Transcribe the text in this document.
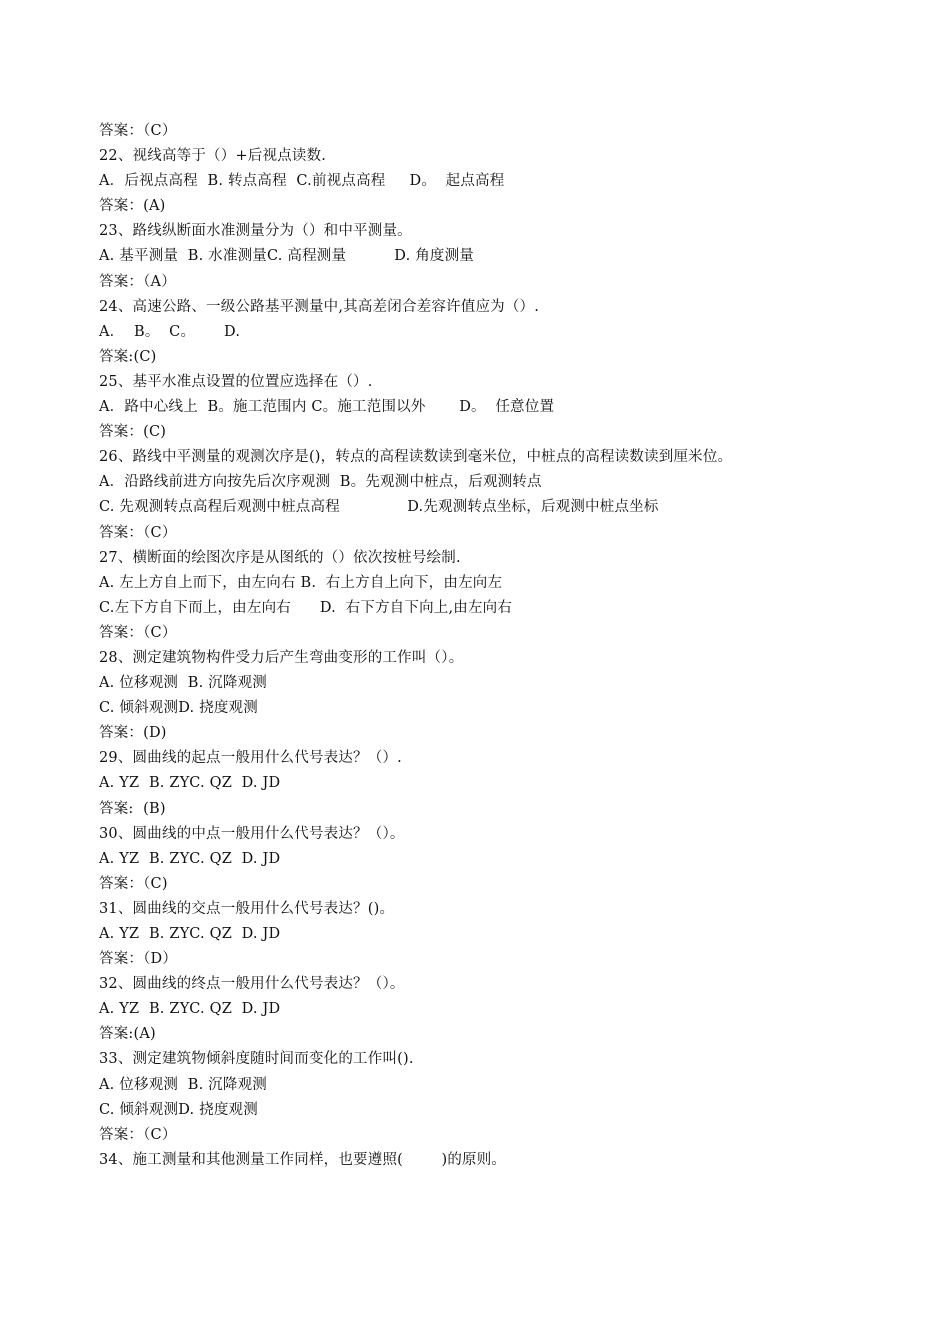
答案：（C）
22、视线高等于（）+后视点读数.
A．后视点高程  B. 转点高程  C.前视点高程     D。  起点高程
答案：(A)
23、路线纵断面水准测量分为（）和中平测量。
A. 基平测量  B. 水准测量C. 高程测量          D. 角度测量
答案：（A）
24、高速公路、一级公路基平测量中,其高差闭合差容许值应为（）.
A．  B。  C。      D.
答案:(C)
25、基平水准点设置的位置应选择在（）.
A．路中心线上  B。施工范围内 C。施工范围以外       D。  任意位置
答案：(C)
26、路线中平测量的观测次序是()，转点的高程读数读到毫米位，中桩点的高程读数读到厘米位。
A．沿路线前进方向按先后次序观测  B。先观测中桩点，后观测转点
C. 先观测转点高程后观测中桩点高程              D.先观测转点坐标，后观测中桩点坐标
答案：（C）
27、横断面的绘图次序是从图纸的（）依次按桩号绘制.
A. 左上方自上而下，由左向右 B.  右上方自上向下，由左向左
C.左下方自下而上，由左向右      D.  右下方自下向上,由左向右
答案：（C）
28、测定建筑物构件受力后产生弯曲变形的工作叫（）。
A. 位移观测  B. 沉降观测
C. 倾斜观测D. 挠度观测
答案：(D)
29、圆曲线的起点一般用什么代号表达？（）.
A. YZ  B. ZYC. QZ  D. JD
答案:  (B)
30、圆曲线的中点一般用什么代号表达？（）。
A. YZ  B. ZYC. QZ  D. JD
答案：（C)
31、圆曲线的交点一般用什么代号表达？()。
A. YZ  B. ZYC. QZ  D. JD
答案：（D）
32、圆曲线的终点一般用什么代号表达？（）。
A. YZ  B. ZYC. QZ  D. JD
答案:(A)
33、测定建筑物倾斜度随时间而变化的工作叫().
A. 位移观测  B. 沉降观测
C. 倾斜观测D. 挠度观测
答案：（C）
34、施工测量和其他测量工作同样，也要遵照(        )的原则。
